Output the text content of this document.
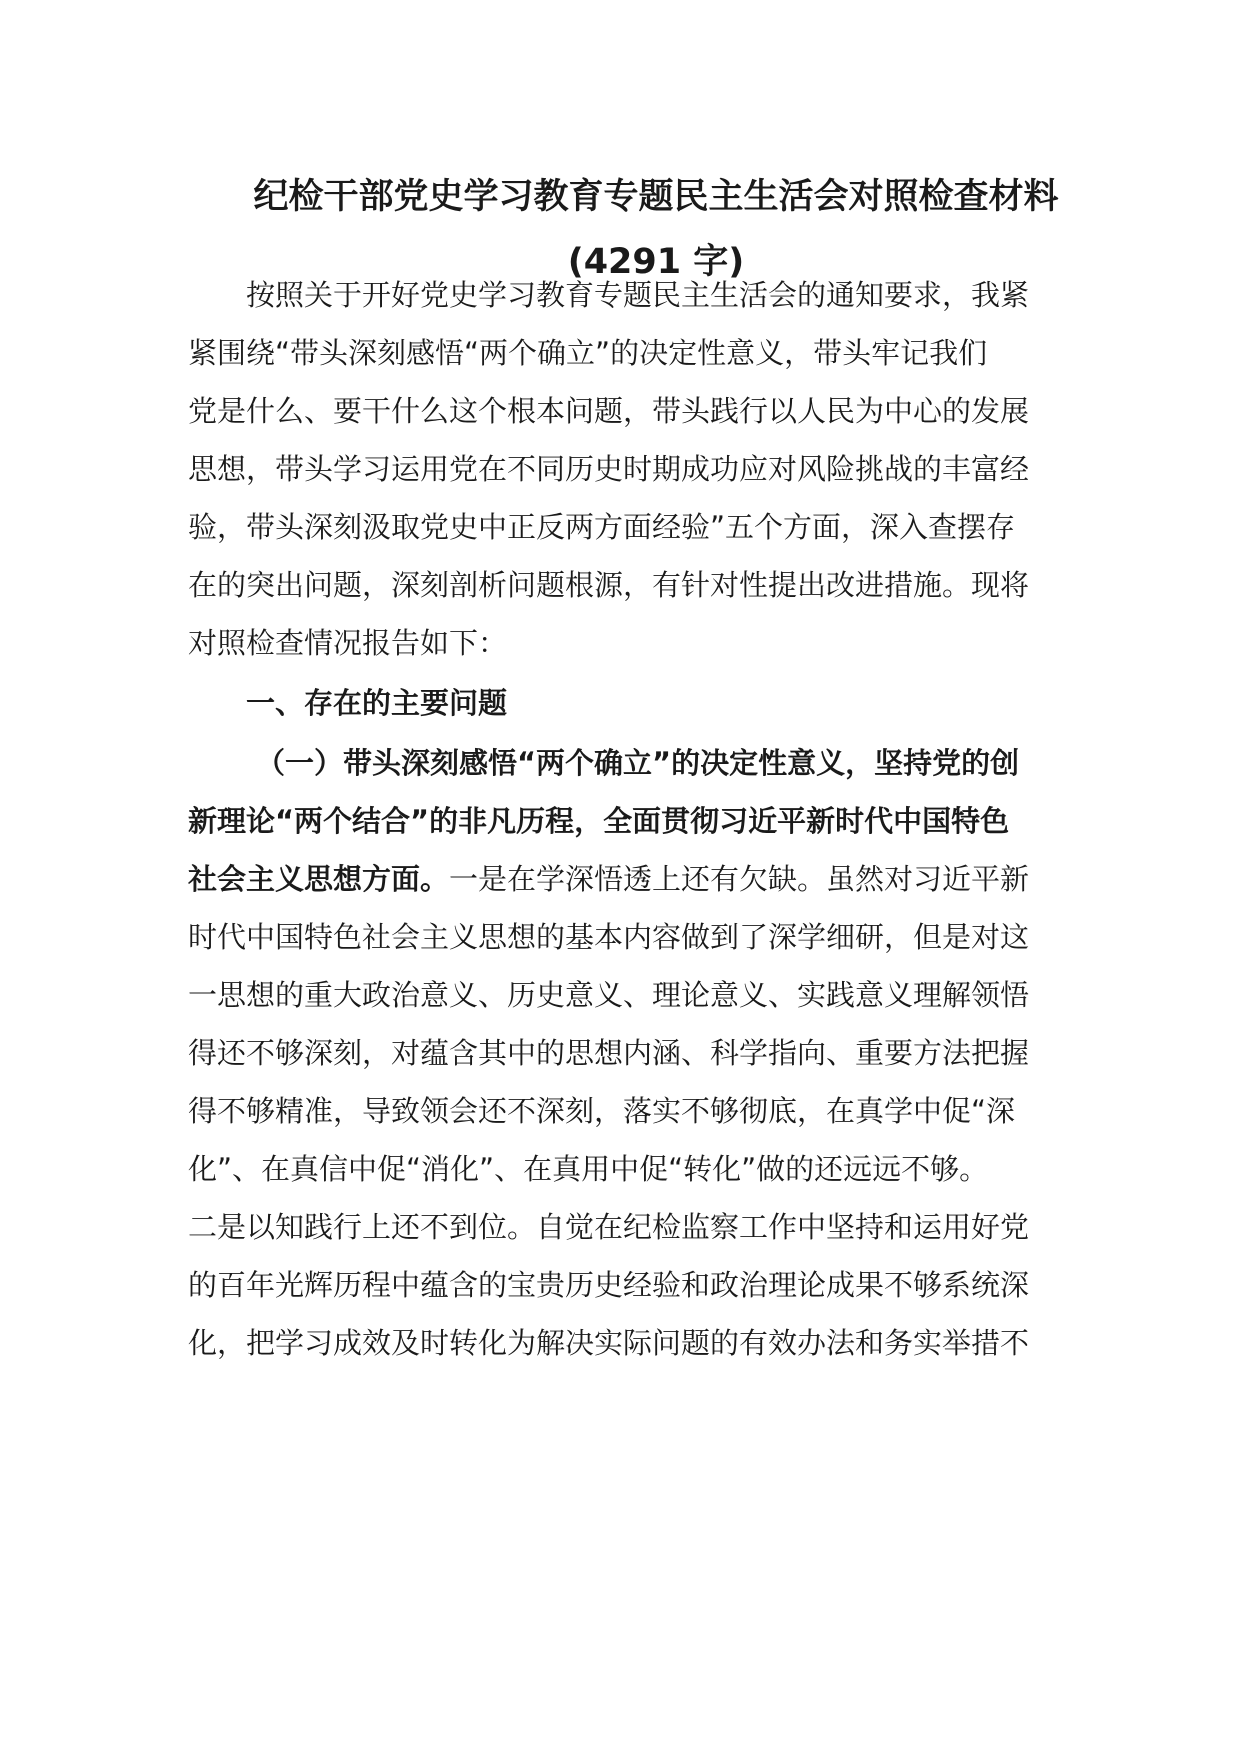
纪检干部党史学习教育专题民主生活会对照检查材料
(4291 字)
按照关于开好党史学习教育专题民主生活会的通知要求，我紧
紧围绕“带头深刻感悟“两个确立”的决定性意义，带头牢记我们
党是什么、要干什么这个根本问题，带头践行以人民为中心的发展
思想，带头学习运用党在不同历史时期成功应对风险挑战的丰富经
验，带头深刻汲取党史中正反两方面经验”五个方面，深入查摆存
在的突出问题，深刻剖析问题根源，有针对性提出改进措施。现将
对照检查情况报告如下：
一、存在的主要问题
（一）带头深刻感悟“两个确立”的决定性意义，坚持党的创
新理论“两个结合”的非凡历程，全面贯彻习近平新时代中国特色
社会主义思想方面。一是在学深悟透上还有欠缺。虽然对习近平新
时代中国特色社会主义思想的基本内容做到了深学细研，但是对这
一思想的重大政治意义、历史意义、理论意义、实践意义理解领悟
得还不够深刻，对蕴含其中的思想内涵、科学指向、重要方法把握
得不够精准，导致领会还不深刻，落实不够彻底，在真学中促“深
化”、在真信中促“消化”、在真用中促“转化”做的还远远不够。
二是以知践行上还不到位。自觉在纪检监察工作中坚持和运用好党
的百年光辉历程中蕴含的宝贵历史经验和政治理论成果不够系统深
化，把学习成效及时转化为解决实际问题的有效办法和务实举措不
